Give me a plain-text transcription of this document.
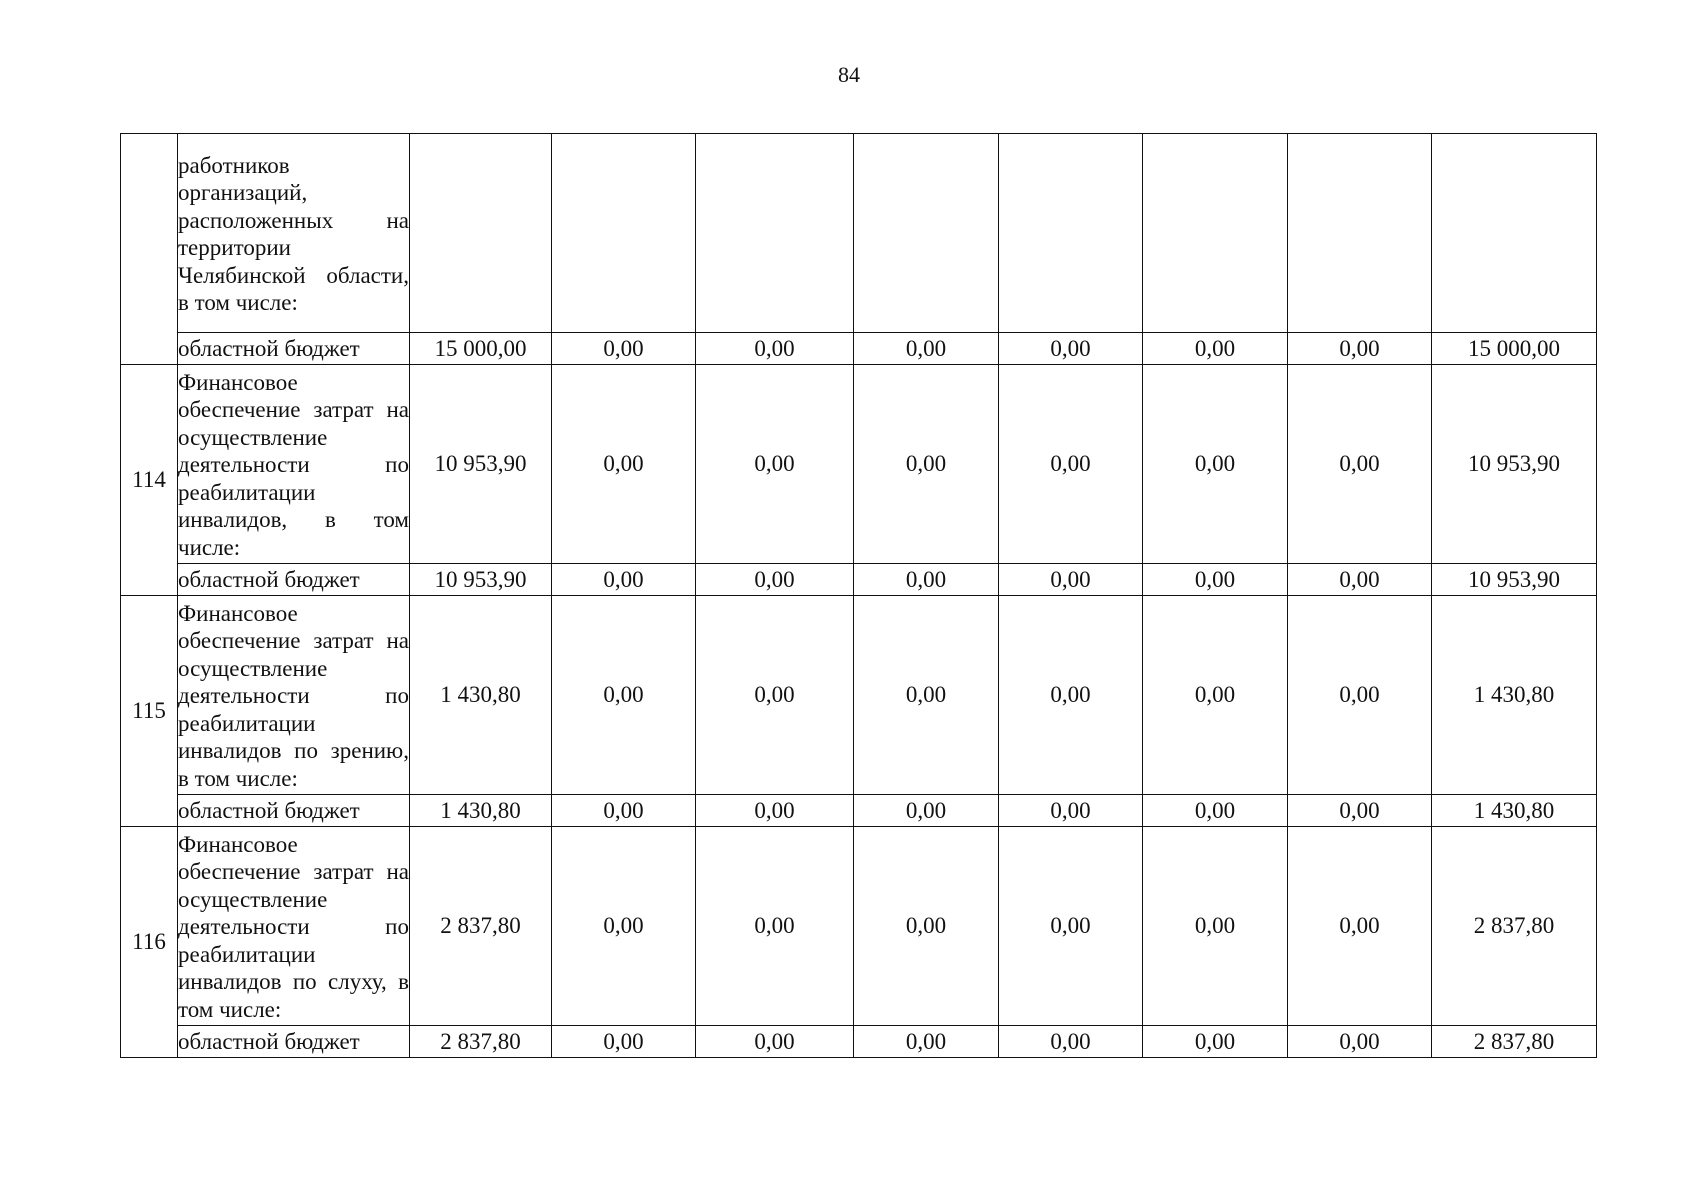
84
	работников организаций, расположенных на территории Челябинской области, в том числе:								
	областной бюджет	15 000,00	0,00	0,00	0,00	0,00	0,00	0,00	15 000,00
114	Финансовое обеспечение затрат на осуществление деятельности по реабилитации инвалидов, в том числе:	10 953,90	0,00	0,00	0,00	0,00	0,00	0,00	10 953,90
	областной бюджет	10 953,90	0,00	0,00	0,00	0,00	0,00	0,00	10 953,90
115	Финансовое обеспечение затрат на осуществление деятельности по реабилитации инвалидов по зрению, в том числе:	1 430,80	0,00	0,00	0,00	0,00	0,00	0,00	1 430,80
	областной бюджет	1 430,80	0,00	0,00	0,00	0,00	0,00	0,00	1 430,80
116	Финансовое обеспечение затрат на осуществление деятельности по реабилитации инвалидов по слуху, в том числе:	2 837,80	0,00	0,00	0,00	0,00	0,00	0,00	2 837,80
	областной бюджет	2 837,80	0,00	0,00	0,00	0,00	0,00	0,00	2 837,80
